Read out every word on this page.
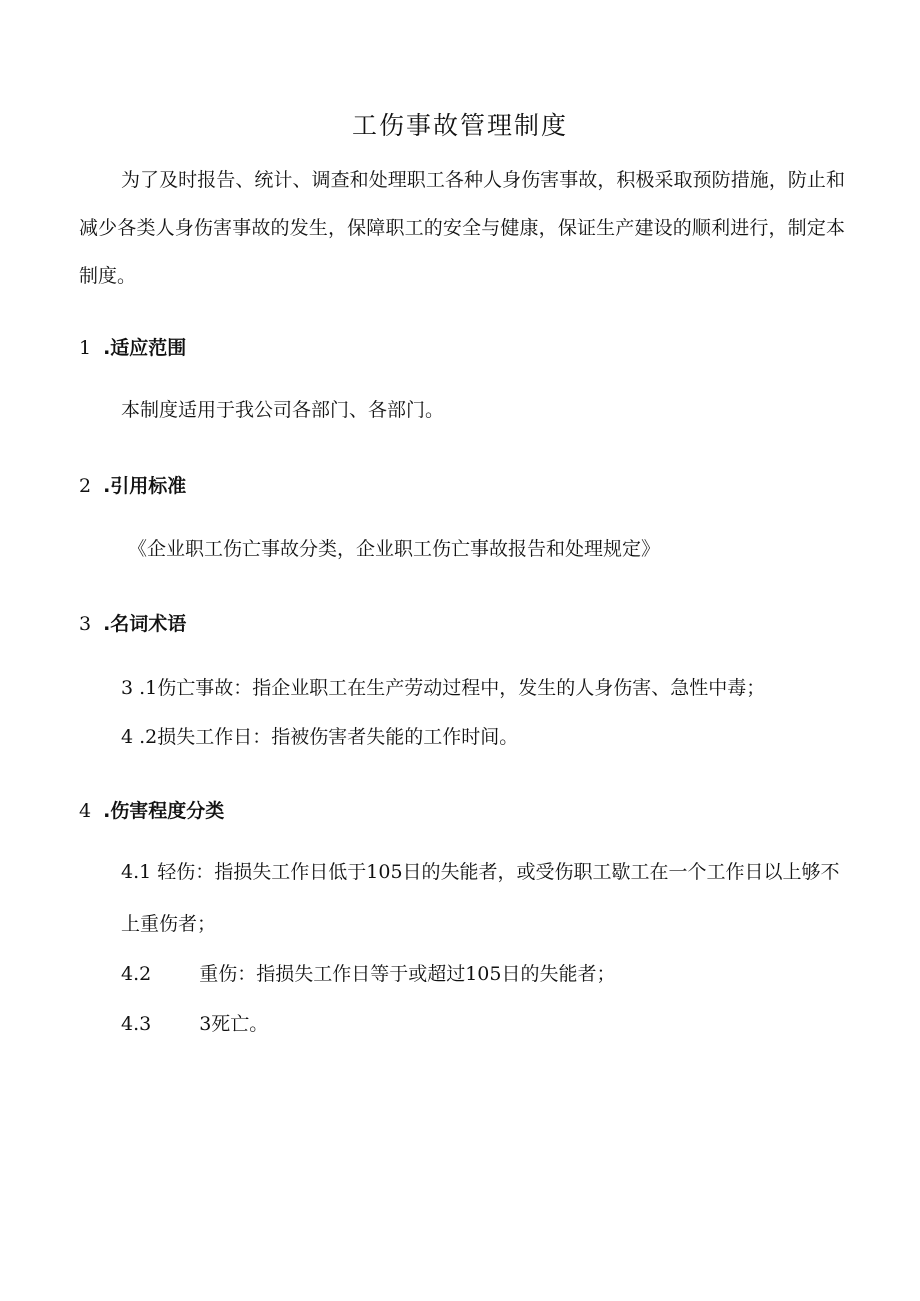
工伤事故管理制度
为了及时报告、统计、调查和处理职工各种人身伤害事故，积极采取预防措施，防止和减少各类人身伤害事故的发生，保障职工的安全与健康，保证生产建设的顺利进行，制定本制度。
1 .适应范围
本制度适用于我公司各部门、各部门。
2 .引用标准
《企业职工伤亡事故分类，企业职工伤亡事故报告和处理规定》
3 .名词术语
3 .1伤亡事故：指企业职工在生产劳动过程中，发生的人身伤害、急性中毒；
4 .2损失工作日：指被伤害者失能的工作时间。
4 .伤害程度分类
4.1 轻伤：指损失工作日低于105日的失能者，或受伤职工歇工在一个工作日以上够不上重伤者；
4.2	重伤：指损失工作日等于或超过105日的失能者；
4.3	3死亡。
